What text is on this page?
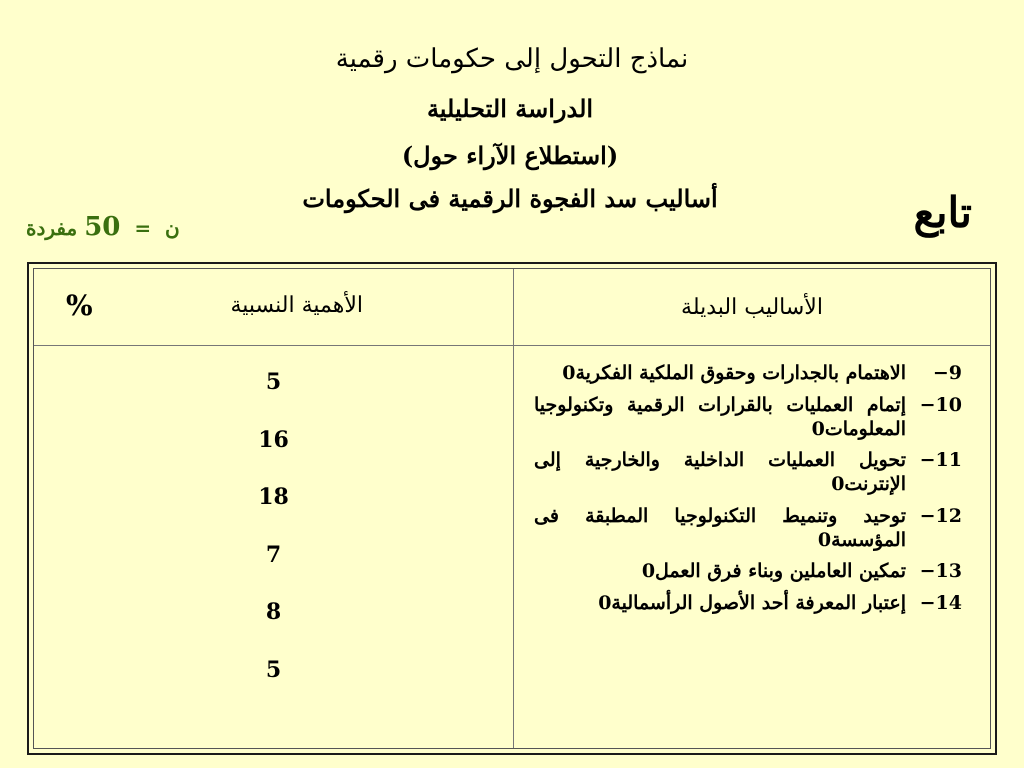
نماذج التحول إلى حكومات رقمية
الدراسة التحليلية
(استطلاع الآراء حول)
أساليب سد الفجوة الرقمية فى الحكومات	تابع
ن  =  50 مفردة
الأساليب البديلة
الأهمية النسبية
%
5
16
18
7
8
5
9−
الاهتمام بالجدارات وحقوق الملكية الفكرية0
10−
إتمام العمليات بالقرارات الرقمية وتكنولوجيا المعلومات0
11−
تحويل العمليات الداخلية والخارجية إلى الإنترنت0
12−
توحيد وتنميط التكنولوجيا المطبقة فى المؤسسة0
13−
تمكين العاملين وبناء فرق العمل0
14−
إعتبار المعرفة أحد الأصول الرأسمالية0
